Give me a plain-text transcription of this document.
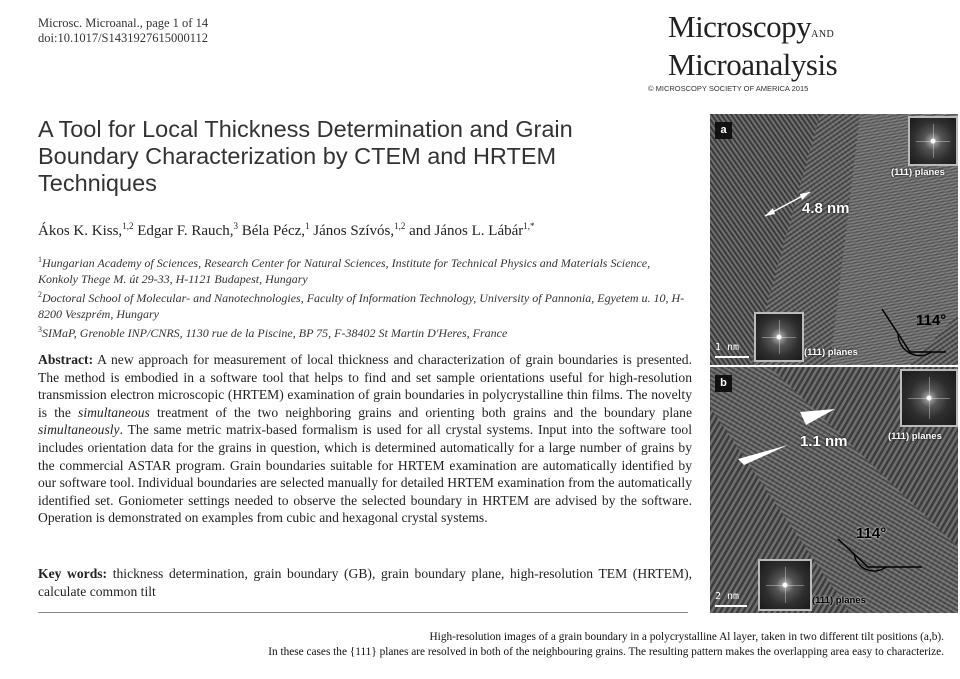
Microsc. Microanal., page 1 of 14
doi:10.1017/S1431927615000112	MicroscopyAND
Microanalysis
© MICROSCOPY SOCIETY OF AMERICA 2015
A Tool for Local Thickness Determination and Grain Boundary Characterization by CTEM and HRTEM Techniques
Ákos K. Kiss,$^{1,2}$ Edgar F. Rauch,$^3$ Béla Pécz,$^1$ János Szívós,$^{1,2}$ and János L. Lábár$^{1,*}$

$^1$Hungarian Academy of Sciences, Research Center for Natural Sciences, Institute for Technical Physics and Materials Science, Konkoly Thege M. út 29-33, H-1121 Budapest, Hungary

$^2$Doctoral School of Molecular- and Nanotechnologies, Faculty of Information Technology, University of Pannonia, Egyetem u. 10, H-8200 Veszprém, Hungary

$^3$SIMaP, Grenoble INP/CNRS, 1130 rue de la Piscine, BP 75, F-38402 St Martin D'Heres, France

Abstract: A new approach for measurement of local thickness and characterization of grain boundaries is presented. The method is embodied in a software tool that helps to find and set sample orientations useful for high-resolution transmission electron microscopic (HRTEM) examination of grain boundaries in polycrystalline thin films. The novelty is the simultaneous treatment of the two neighboring grains and orienting both grains and the boundary plane simultaneously. The same metric matrix-based formalism is used for all crystal systems. Input into the software tool includes orientation data for the grains in question, which is determined automatically for a large number of grains by the commercial ASTAR program. Grain boundaries suitable for HRTEM examination are automatically identified by our software tool. Individual boundaries are selected manually for detailed HRTEM examination from the automatically identified set. Goniometer settings needed to observe the selected boundary in HRTEM are advised by the software. Operation is demonstrated on examples from cubic and hexagonal crystal systems.
Key words: thickness determination, grain boundary (GB), grain boundary plane, high-resolution TEM (HRTEM), calculate common tilt
a
4.8 nm
(111) planes
(111) planes
114°
1 nm
b
1.1 nm	(111) planes
(111) planes
114°
2 nm

High-resolution images of a grain boundary in a polycrystalline Al layer, taken in two different tilt positions (a,b).

In these cases the {111} planes are resolved in both of the neighbouring grains. The resulting pattern makes the overlapping area easy to characterize.
